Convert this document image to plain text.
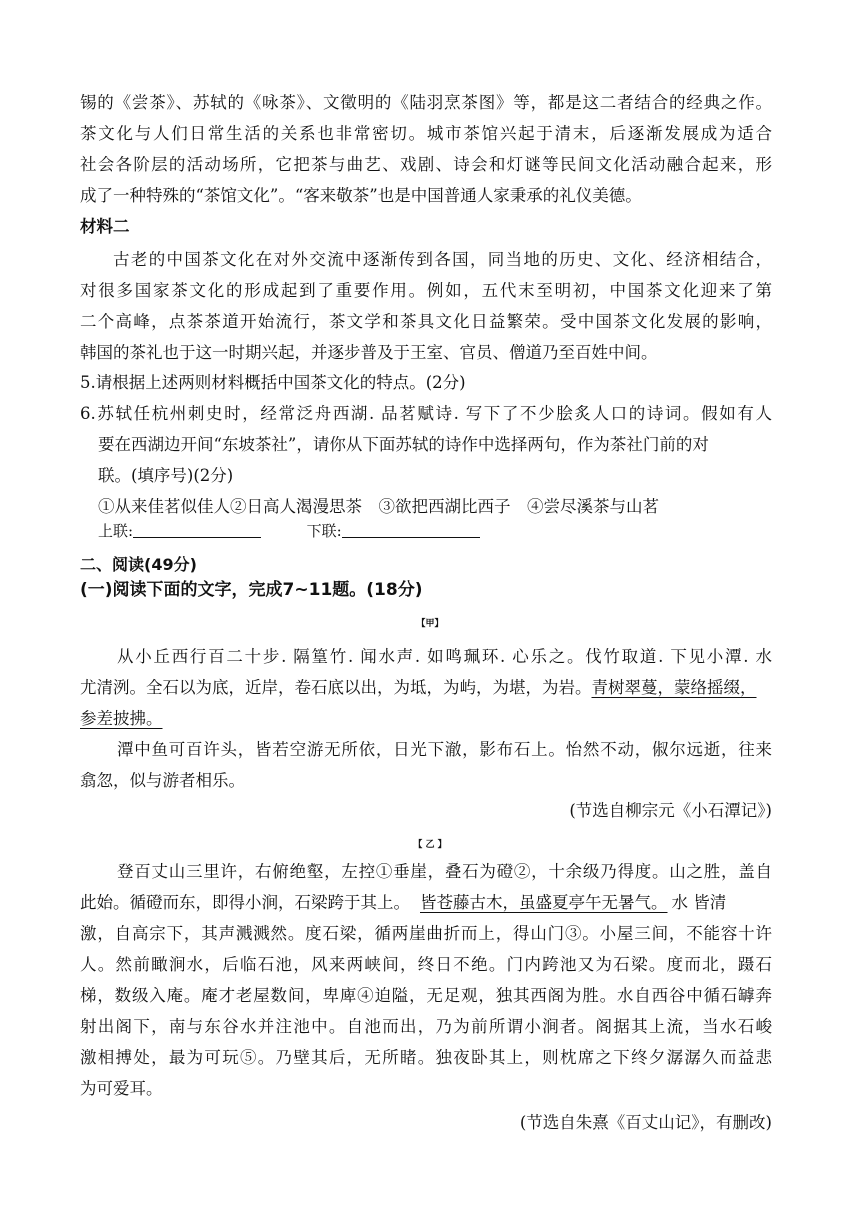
锡的《尝茶》、苏轼的《咏茶》、文徵明的《陆羽烹茶图》等，都是这二者结合的经典之作。
茶文化与人们日常生活的关系也非常密切。城市茶馆兴起于清末，后逐渐发展成为适合
社会各阶层的活动场所，它把茶与曲艺、戏剧、诗会和灯谜等民间文化活动融合起来，形
成了一种特殊的“茶馆文化”。“客来敬茶”也是中国普通人家秉承的礼仪美德。
材料二
古老的中国茶文化在对外交流中逐渐传到各国，同当地的历史、文化、经济相结合，
对很多国家茶文化的形成起到了重要作用。例如，五代末至明初，中国茶文化迎来了第
二个高峰，点茶茶道开始流行，茶文学和茶具文化日益繁荣。受中国茶文化发展的影响，
韩国的茶礼也于这一时期兴起，并逐步普及于王室、官员、僧道乃至百姓中间。
5.请根据上述两则材料概括中国茶文化的特点。(2分)
6.苏轼任杭州刺史时，经常泛舟西湖. 品茗赋诗. 写下了不少脍炙人口的诗词。假如有人
要在西湖边开间“东坡茶社”，请你从下面苏轼的诗作中选择两句，作为茶社门前的对
联。(填序号)(2分)
①从来佳茗似佳人②日高人渴漫思茶　③欲把西湖比西子　④尝尽溪茶与山茗
上联:	下联:
二、阅读(49分)
(一)阅读下面的文字，完成7~11题。(18分)
【甲】
从小丘西行百二十步. 隔篁竹. 闻水声. 如鸣珮环. 心乐之。伐竹取道. 下见小潭. 水
尤清洌。全石以为底，近岸，卷石底以出，为坻，为屿，为堪，为岩。青树翠蔓，蒙络摇缀，
参差披拂。
潭中鱼可百许头，皆若空游无所依，日光下澈，影布石上。怡然不动，俶尔远逝，往来
翕忽，似与游者相乐。
(节选自柳宗元《小石潭记》)
【 乙 】
登百丈山三里许，右俯绝壑，左控①垂崖，叠石为磴②，十余级乃得度。山之胜，盖自
此始。循磴而东，即得小涧，石梁跨于其上。 皆苍藤古木，虽盛夏亭午无暑气。 水 皆清
激，自高宗下，其声溅溅然。度石梁，循两崖曲折而上，得山门③。小屋三间，不能容十许
人。然前瞰涧水，后临石池，风来两峡间，终日不绝。门内跨池又为石梁。度而北，蹑石
梯，数级入庵。庵才老屋数间，卑庳④迫隘，无足观，独其西阁为胜。水自西谷中循石罅奔
射出阁下，南与东谷水并注池中。自池而出，乃为前所谓小涧者。阁据其上流，当水石峻
激相搏处，最为可玩⑤。乃壁其后，无所睹。独夜卧其上，则枕席之下终夕潺潺久而益悲
为可爱耳。
(节选自朱熹《百丈山记》，有删改)
